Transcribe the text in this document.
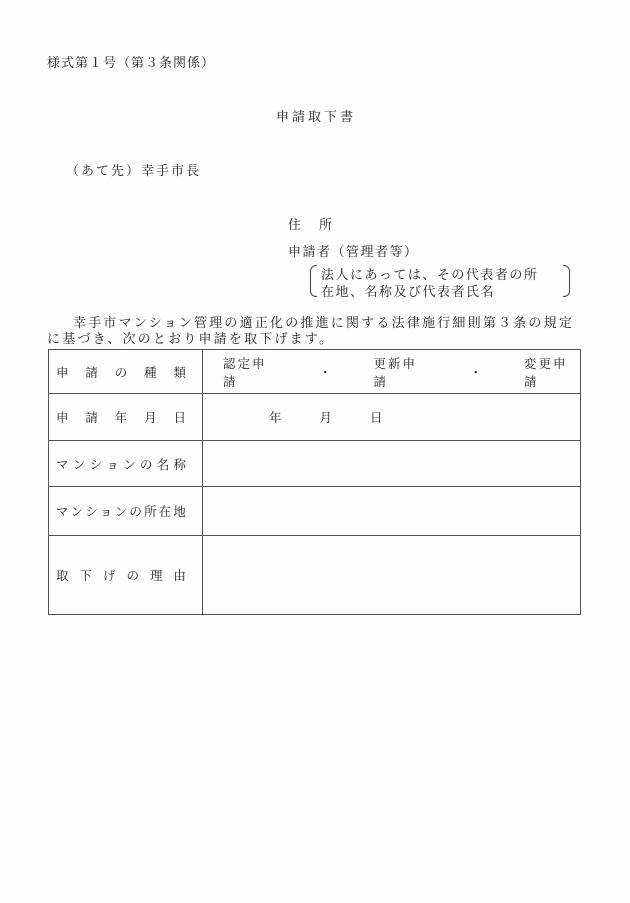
様式第１号（第３条関係）
申請取下書
（あて先）幸手市長
住 所
申請者（管理者等）
法人にあっては、その代表者の所
在地、名称及び代表者氏名

幸手市マンション管理の適正化の推進に関する法律施行細則第３条の規定

に基づき、次のとおり申請を取下げます。

申 請 の 種 類	認定申請
・
更新申請
・
変更申請

申 請 年 月 日	年 月 日

マ ン シ ョ ン の 名 称

マ ン シ ョ ン の 所 在 地

取 下 げ の 理 由
